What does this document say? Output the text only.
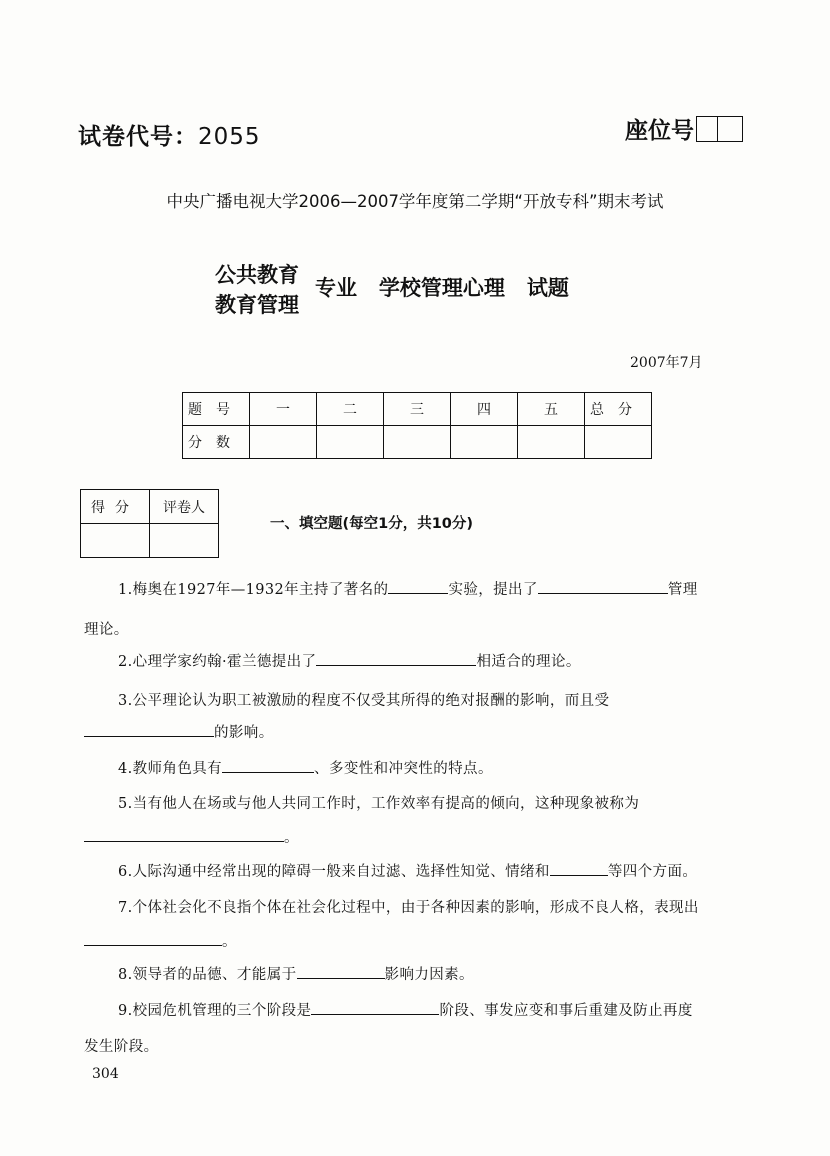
试卷代号：2055	座位号
中央广播电视大学2006—2007学年度第二学期“开放专科”期末考试
公共教育
教育管理
专业   学校管理心理   试题
2007年7月
题号	一	二	三	四	五	总分
分数						
得分	评卷人

一、填空题(每空1分，共10分)
1.梅奥在1927年—1932年主持了著名的	实验，提出了	管理
理论。
2.心理学家约翰·霍兰德提出了	相适合的理论。
3.公平理论认为职工被激励的程度不仅受其所得的绝对报酬的影响，而且受
的影响。
4.教师角色具有	、多变性和冲突性的特点。
5.当有他人在场或与他人共同工作时，工作效率有提高的倾向，这种现象被称为
。
6.人际沟通中经常出现的障碍一般来自过滤、选择性知觉、情绪和	等四个方面。
7.个体社会化不良指个体在社会化过程中，由于各种因素的影响，形成不良人格，表现出
。
8.领导者的品德、才能属于	影响力因素。
9.校园危机管理的三个阶段是	阶段、事发应变和事后重建及防止再度
发生阶段。
304
